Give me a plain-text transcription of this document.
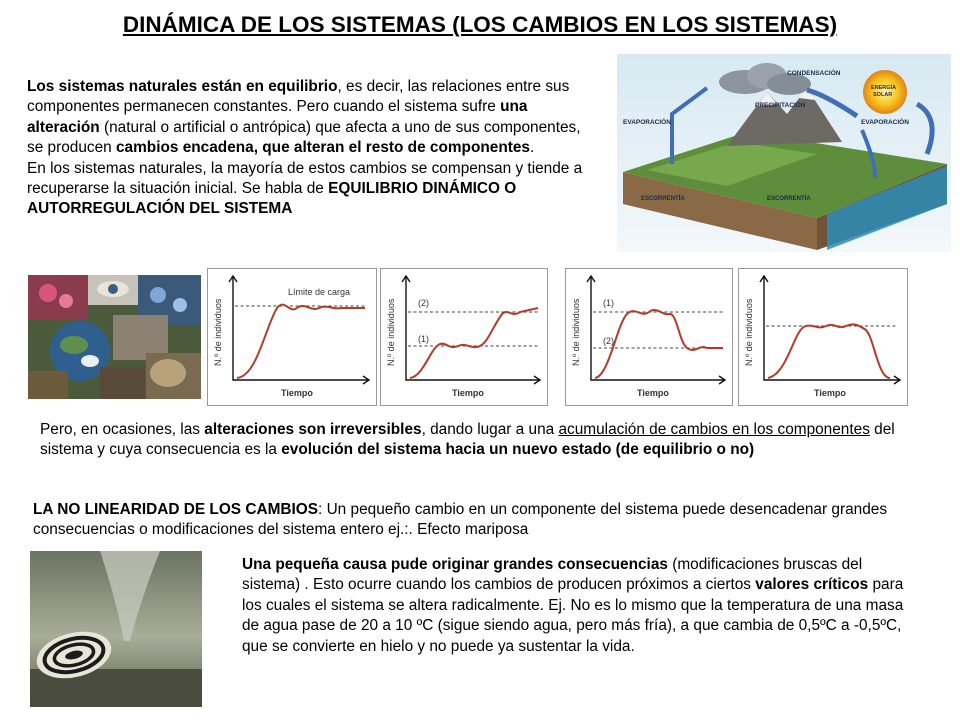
DINÁMICA DE LOS SISTEMAS (LOS CAMBIOS EN LOS SISTEMAS)
Los sistemas naturales están en equilibrio, es decir, las relaciones entre sus componentes permanecen constantes. Pero cuando el sistema sufre una alteración (natural o artificial o antrópica) que afecta a uno de sus componentes, se producen cambios encadena, que alteran el resto de componentes.
En los sistemas naturales, la mayoría de estos cambios se compensan y tiende a recuperarse la situación inicial. Se habla de EQUILIBRIO DINÁMICO O AUTORREGULACIÓN DEL SISTEMA
CONDENSACIÓN
ENERGÍA
SOLAR
PRECIPITACIÓN
EVAPORACIÓN	EVAPORACIÓN
ESCORRENTÍA	ESCORRENTÍA
Límite de carga
Tiempo
N.º de individuos	(2)
(1)
Tiempo
N.º de individuos	(1)
(2)
Tiempo
N.º de individuos
Tiempo
N.º de individuos
Pero, en ocasiones, las alteraciones son irreversibles, dando lugar a una acumulación de cambios en los componentes del sistema y cuya consecuencia es la evolución del sistema hacia un nuevo estado (de equilibrio o no)
LA NO LINEARIDAD DE LOS CAMBIOS: Un pequeño cambio en un componente del sistema puede desencadenar grandes consecuencias o modificaciones del sistema entero ej.:. Efecto mariposa
Una pequeña causa pude originar grandes consecuencias (modificaciones bruscas del sistema) . Esto ocurre cuando los cambios de producen próximos a ciertos valores críticos para los cuales el sistema se altera radicalmente. Ej. No es lo mismo que la temperatura de una masa de agua pase de 20 a 10 ºC (sigue siendo agua, pero más fría), a que cambia de 0,5ºC a -0,5ºC, que se convierte en hielo y no puede ya sustentar la vida.
